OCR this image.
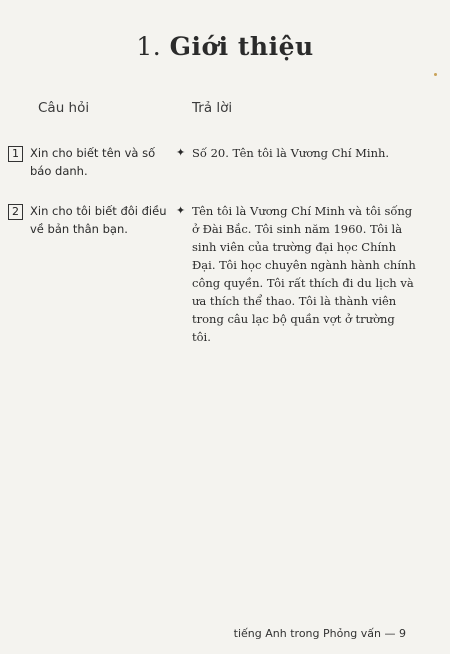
1. Giới thiệu
Câu hỏi	Trả lời
1 Xin cho biết tên và số báo danh.
✦ Số 20. Tên tôi là Vương Chí Minh.
2 Xin cho tôi biết đôi điều về bản thân bạn.
✦ Tên tôi là Vương Chí Minh và tôi sống ở Đài Bắc. Tôi sinh năm 1960. Tôi là sinh viên của trường đại học Chính Đại. Tôi học chuyên ngành hành chính công quyền. Tôi rất thích đi du lịch và ưa thích thể thao. Tôi là thành viên trong câu lạc bộ quần vợt ở trường tôi.
tiếng Anh trong Phỏng vấn — 9
